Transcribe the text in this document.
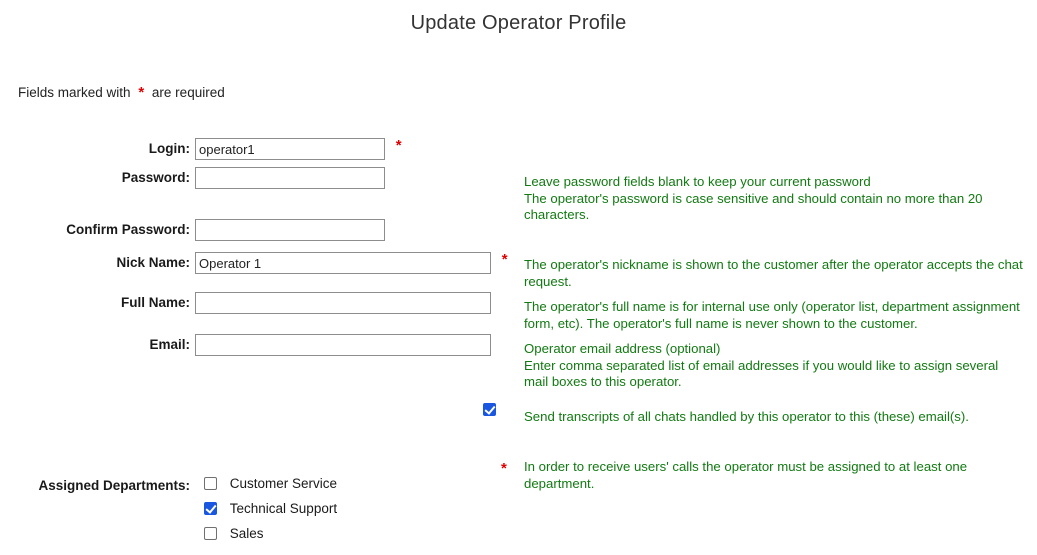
Update Operator Profile
Fields marked with * are required
Login:
operator1	*
Password:	Leave password fields blank to keep your current password
The operator's password is case sensitive and should contain no more than 20 characters.
Confirm Password:
Nick Name:
Operator 1	* The operator's nickname is shown to the customer after the operator accepts the chat request.
Full Name:	The operator's full name is for internal use only (operator list, department assignment form, etc). The operator's full name is never shown to the customer.
Email:	Operator email address (optional)
Enter comma separated list of email addresses if you would like to assign several mail boxes to this operator.
Send transcripts of all chats handled by this operator to this (these) email(s).
Assigned Departments:	Customer Service
Technical Support
Sales
*	In order to receive users' calls the operator must be assigned to at least one department.
